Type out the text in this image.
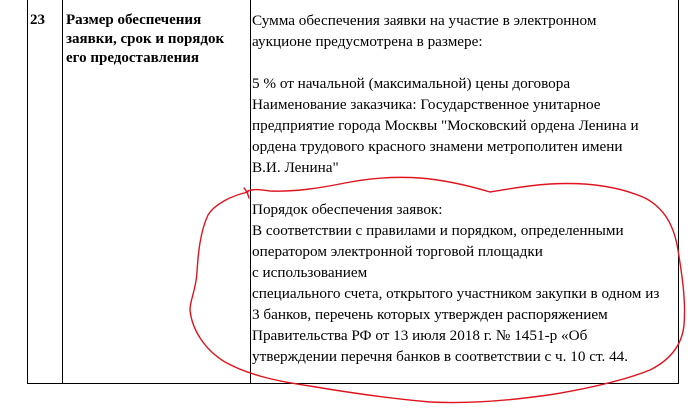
23 Размер обеспечения
заявки, срок и порядок
его предоставления
Сумма обеспечения заявки на участие в электронном
аукционе предусмотрена в размере:
5 % от начальной (максимальной) цены договора
Наименование заказчика: Государственное унитарное
предприятие города Москвы "Московский ордена Ленина и
ордена трудового красного знамени метрополитен имени
В.И. Ленина"
Порядок обеспечения заявок:
В соответствии с правилами и порядком, определенными
оператором электронной торговой площадки
с использованием
специального счета, открытого участником закупки в одном из
3 банков, перечень которых утвержден распоряжением
Правительства РФ от 13 июля 2018 г. № 1451-р «Об
утверждении перечня банков в соответствии с ч. 10 ст. 44.
